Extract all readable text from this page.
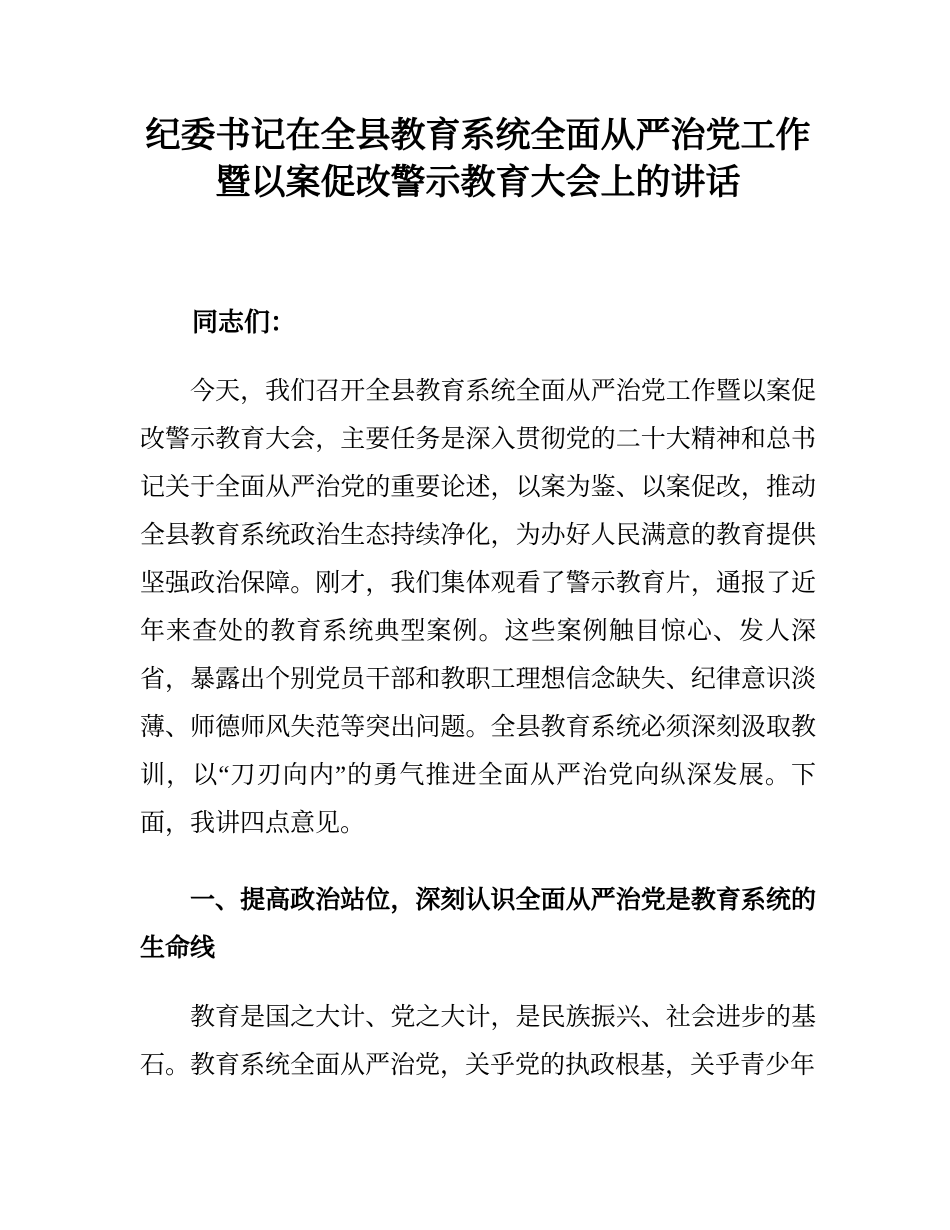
纪委书记在全县教育系统全面从严治党工作
暨以案促改警示教育大会上的讲话

同志们：

今天，我们召开全县教育系统全面从严治党工作暨以案促改警示教育大会，主要任务是深入贯彻党的二十大精神和总书记关于全面从严治党的重要论述，以案为鉴、以案促改，推动全县教育系统政治生态持续净化，为办好人民满意的教育提供坚强政治保障。刚才，我们集体观看了警示教育片，通报了近年来查处的教育系统典型案例。这些案例触目惊心、发人深省，暴露出个别党员干部和教职工理想信念缺失、纪律意识淡薄、师德师风失范等突出问题。全县教育系统必须深刻汲取教训，以“刀刃向内”的勇气推进全面从严治党向纵深发展。下面，我讲四点意见。

一、提高政治站位，深刻认识全面从严治党是教育系统的生命线

教育是国之大计、党之大计，是民族振兴、社会进步的基石。教育系统全面从严治党，关乎党的执政根基，关乎青少年
